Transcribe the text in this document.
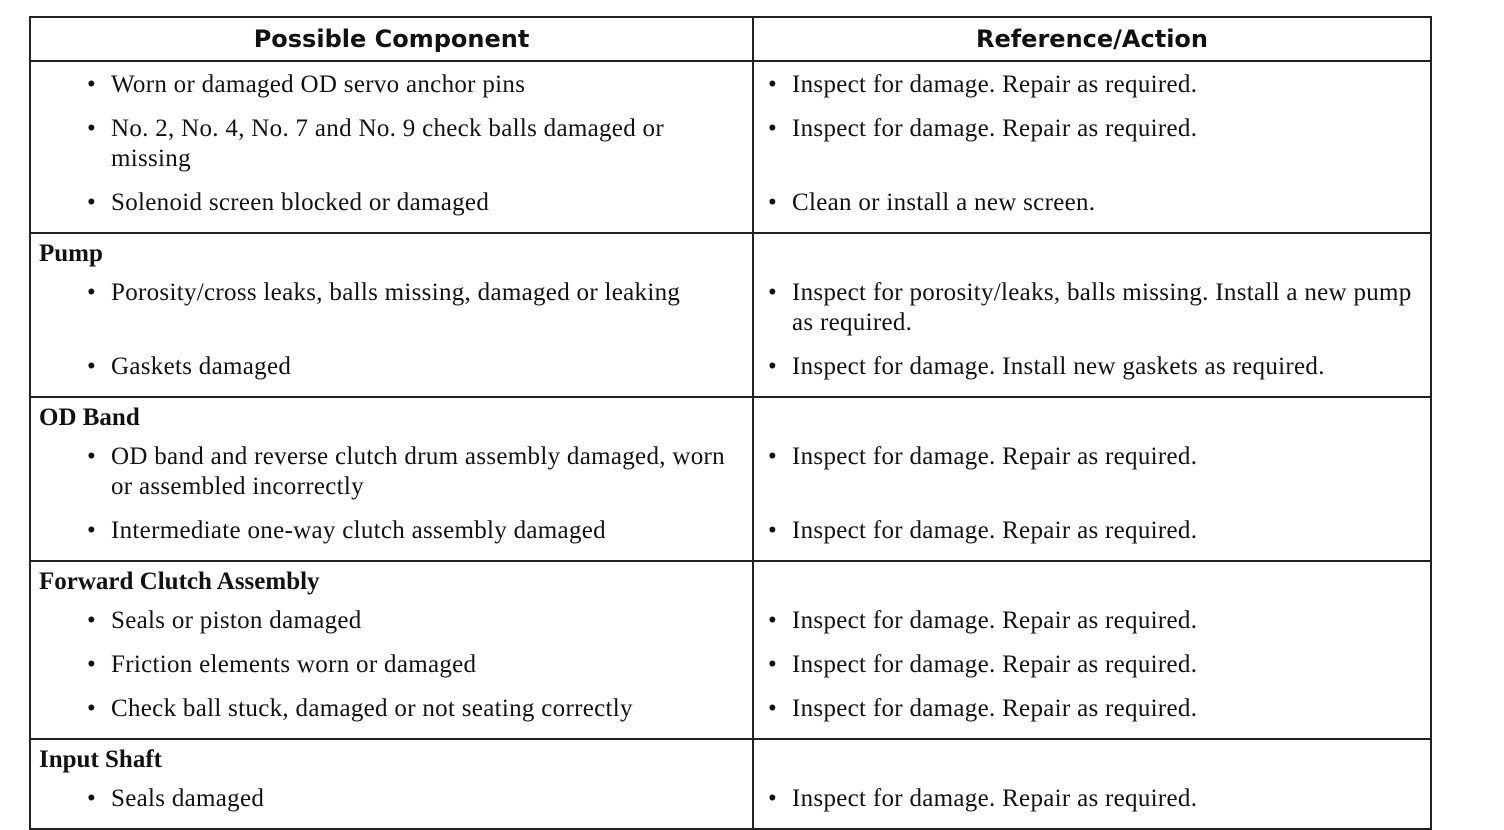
Possible Component	Reference/Action
• Worn or damaged OD servo anchor pins
• No. 2, No. 4, No. 7 and No. 9 check balls damaged or missing
• Solenoid screen blocked or damaged
• Inspect for damage. Repair as required.
• Inspect for damage. Repair as required.
• Clean or install a new screen.
Pump
• Porosity/cross leaks, balls missing, damaged or leaking
• Gaskets damaged
• Inspect for porosity/leaks, balls missing. Install a new pump as required.
• Inspect for damage. Install new gaskets as required.
OD Band
• OD band and reverse clutch drum assembly damaged, worn or assembled incorrectly
• Intermediate one-way clutch assembly damaged
• Inspect for damage. Repair as required.
• Inspect for damage. Repair as required.
Forward Clutch Assembly
• Seals or piston damaged
• Friction elements worn or damaged
• Check ball stuck, damaged or not seating correctly
• Inspect for damage. Repair as required.
• Inspect for damage. Repair as required.
• Inspect for damage. Repair as required.
Input Shaft
• Seals damaged	• Inspect for damage. Repair as required.
